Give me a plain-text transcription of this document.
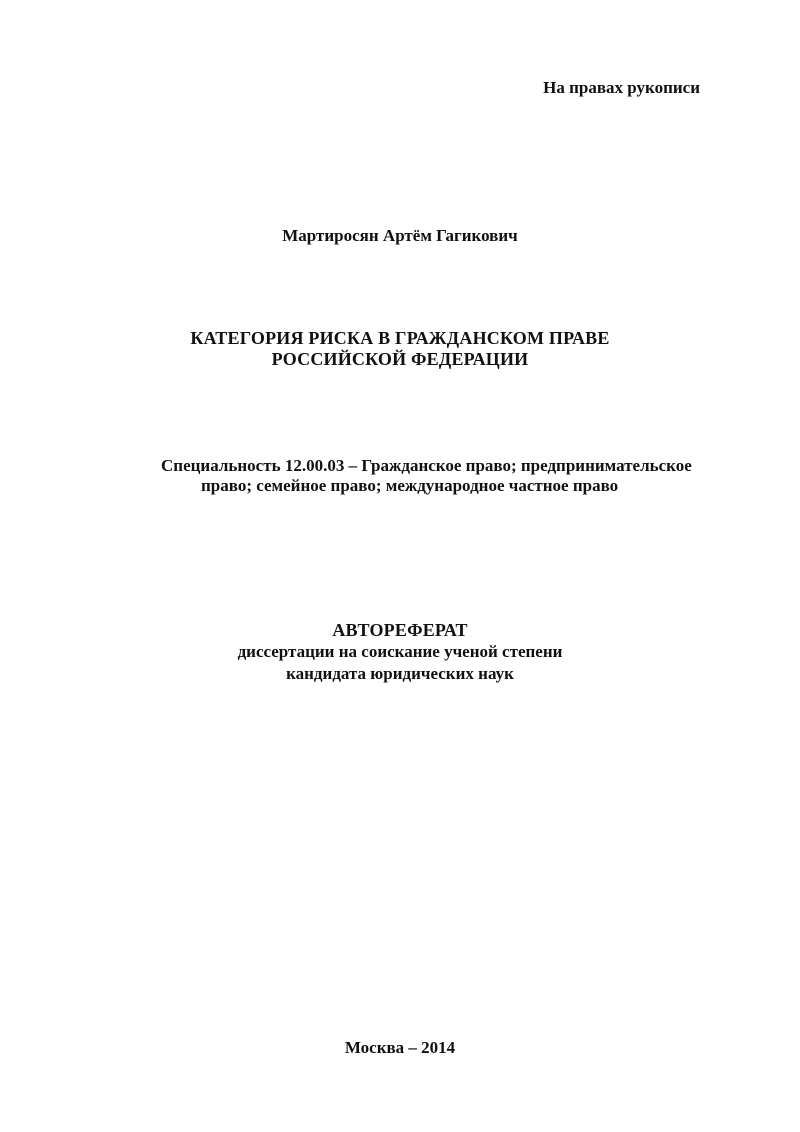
На правах рукописи
Мартиросян Артём Гагикович
КАТЕГОРИЯ РИСКА В ГРАЖДАНСКОМ ПРАВЕ
РОССИЙСКОЙ ФЕДЕРАЦИИ
Специальность 12.00.03 – Гражданское право; предпринимательское
право; семейное право; международное частное право
АВТОРЕФЕРАТ
диссертации на соискание ученой степени
кандидата юридических наук
Москва – 2014
